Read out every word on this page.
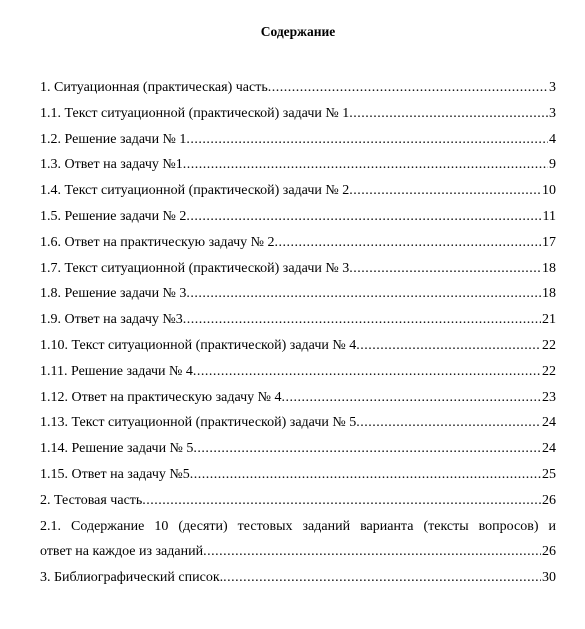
Содержание
1. Ситуационная (практическая) часть .....	3
1.1. Текст ситуационной (практической) задачи № 1 .....	3
1.2. Решение задачи № 1 .....	4
1.3. Ответ на задачу №1 .....	9
1.4. Текст ситуационной (практической) задачи № 2 .....	10
1.5. Решение задачи № 2 .....	11
1.6. Ответ на практическую задачу № 2 .....	17
1.7. Текст ситуационной (практической) задачи № 3 .....	18
1.8. Решение задачи № 3 .....	18
1.9. Ответ на задачу №3 .....	21
1.10. Текст ситуационной (практической) задачи № 4 .....	22
1.11. Решение задачи № 4 .....	22
1.12. Ответ на практическую задачу № 4 .....	23
1.13. Текст ситуационной (практической) задачи № 5 .....	24
1.14. Решение задачи № 5 .....	24
1.15. Ответ на задачу №5 .....	25
2. Тестовая часть .....	26
2.1. Содержание 10 (десяти) тестовых заданий варианта (тексты вопросов) и
ответ на каждое из заданий .....	26
3. Библиографический список. .....	30
